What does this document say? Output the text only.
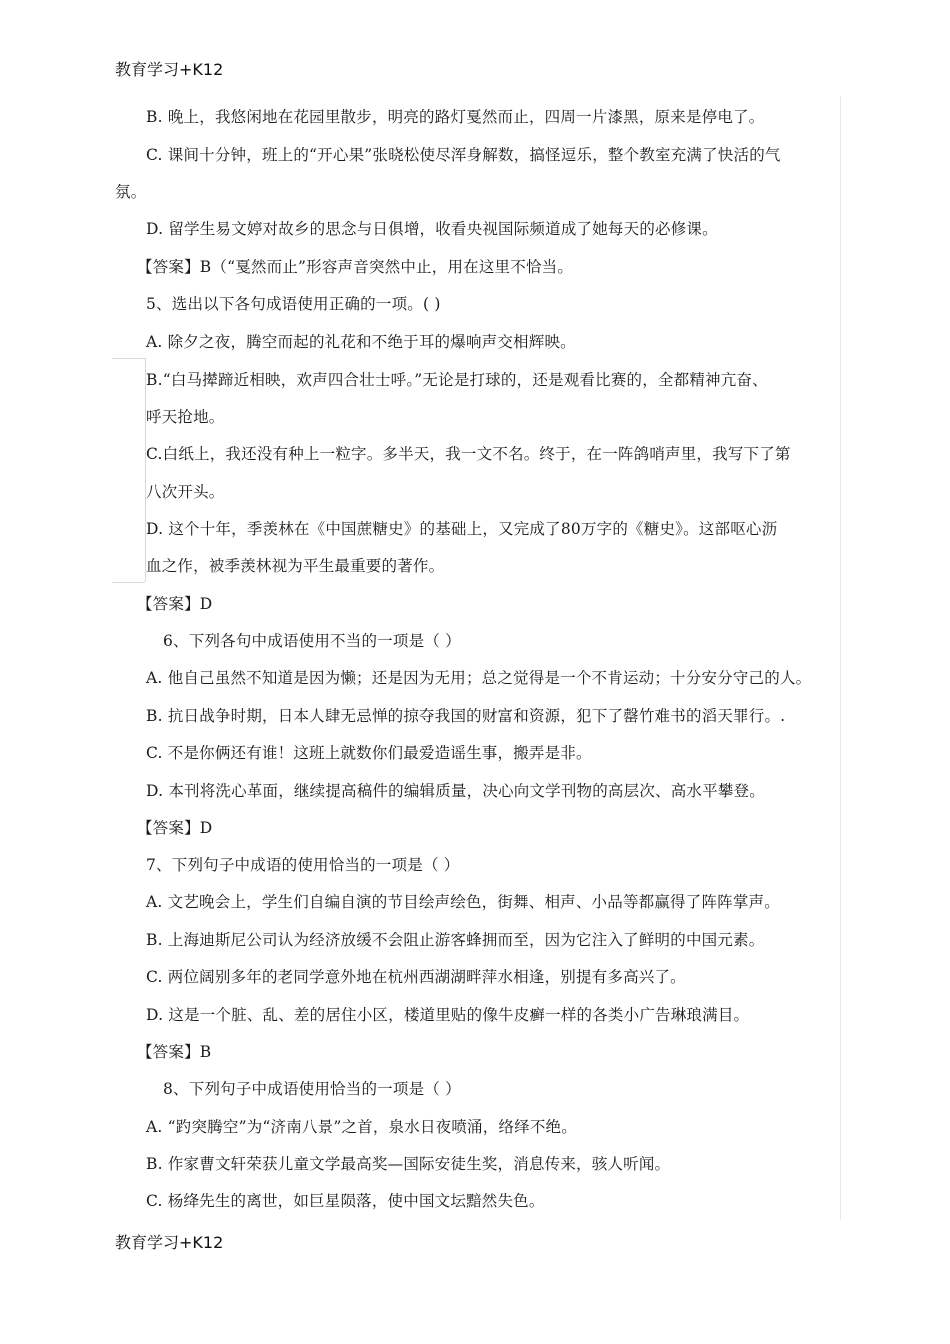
教育学习+K12
B. 晚上，我悠闲地在花园里散步，明亮的路灯戛然而止，四周一片漆黑，原来是停电了。
C. 课间十分钟，班上的“开心果”张晓松使尽浑身解数，搞怪逗乐，整个教室充满了快活的气
氛。
D. 留学生易文婷对故乡的思念与日俱增，收看央视国际频道成了她每天的必修课。
【答案】B（“戛然而止”形容声音突然中止，用在这里不恰当。
5、选出以下各句成语使用正确的一项。( )
A. 除夕之夜，腾空而起的礼花和不绝于耳的爆响声交相辉映。
B.“白马撵蹄近相映，欢声四合壮士呼。”无论是打球的，还是观看比赛的，全都精神亢奋、
呼天抢地。
C.白纸上，我还没有种上一粒字。多半天，我一文不名。终于，在一阵鸽哨声里，我写下了第
八次开头。
D. 这个十年，季羡林在《中国蔗糖史》的基础上，又完成了80万字的《糖史》。这部呕心沥
血之作，被季羡林视为平生最重要的著作。
【答案】D
6、下列各句中成语使用不当的一项是（ ）
A. 他自己虽然不知道是因为懒；还是因为无用；总之觉得是一个不肯运动；十分安分守己的人。
B. 抗日战争时期，日本人肆无忌惮的掠夺我国的财富和资源，犯下了罄竹难书的滔天罪行。.
C. 不是你俩还有谁！这班上就数你们最爱造谣生事，搬弄是非。
D. 本刊将洗心革面，继续提高稿件的编辑质量，决心向文学刊物的高层次、高水平攀登。
【答案】D
7、下列句子中成语的使用恰当的一项是（ ）
A. 文艺晚会上，学生们自编自演的节目绘声绘色，街舞、相声、小品等都赢得了阵阵掌声。
B. 上海迪斯尼公司认为经济放缓不会阻止游客蜂拥而至，因为它注入了鲜明的中国元素。
C. 两位阔别多年的老同学意外地在杭州西湖湖畔萍水相逢，别提有多高兴了。
D. 这是一个脏、乱、差的居住小区，楼道里贴的像牛皮癣一样的各类小广告琳琅满目。
【答案】B
8、下列句子中成语使用恰当的一项是（ ）
A. “趵突腾空”为“济南八景”之首，泉水日夜喷涌，络绎不绝。
B. 作家曹文轩荣获儿童文学最高奖—国际安徒生奖，消息传来，骇人听闻。
C. 杨绛先生的离世，如巨星陨落，使中国文坛黯然失色。
教育学习+K12
